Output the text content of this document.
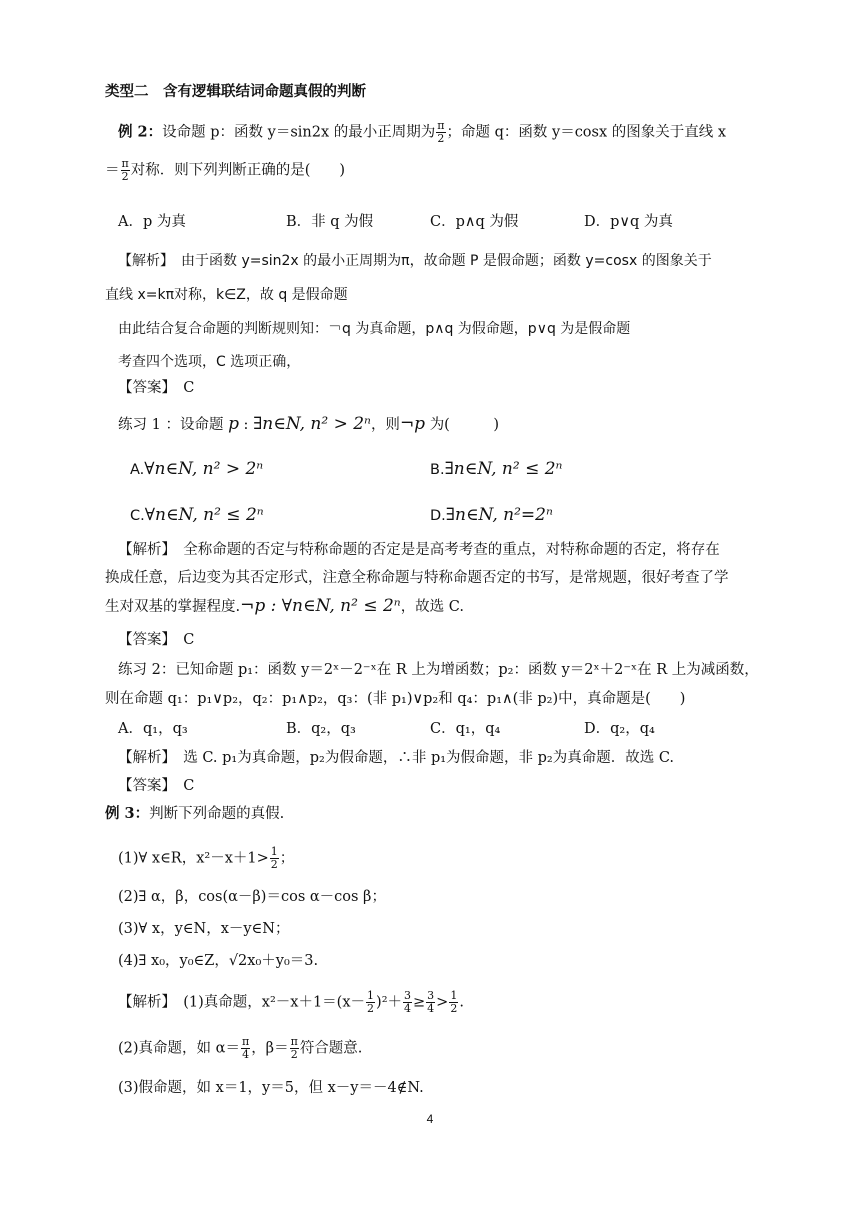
类型二　含有逻辑联结词命题真假的判断
例 2：设命题 p：函数 y＝sin2x 的最小正周期为 $\frac{\pi}{2}$ ；命题 q：函数 y＝cosx 的图象关于直线 x
＝ $\frac{\pi}{2}$ 对称．则下列判断正确的是(　　)
A．p 为真	B．非 q 为假	C．p∧q 为假	D．p∨q 为真
【解析】　由于函数 y=sin2x 的最小正周期为π，故命题 P 是假命题；函数 y=cosx 的图象关于
直线 x=kπ对称，k∈Z，故 q 是假命题
由此结合复合命题的判断规则知：￢q 为真命题，p∧q 为假命题，p∨q 为是假命题
考查四个选项，C 选项正确，
【答案】　C
练习 1 ：设命题 p : ∃n∈N, n² > 2ⁿ，则¬p 为(　　　)
A.∀n∈N, n² > 2ⁿ	B.∃n∈N, n² ≤ 2ⁿ
C.∀n∈N, n² ≤ 2ⁿ	D.∃n∈N, n²=2ⁿ
【解析】　全称命题的否定与特称命题的否定是是高考考查的重点，对特称命题的否定，将存在
换成任意，后边变为其否定形式，注意全称命题与特称命题否定的书写，是常规题，很好考查了学
生对双基的掌握程度.¬p : ∀n∈N, n² ≤ 2ⁿ，故选 C.
【答案】　C
练习 2：已知命题 p₁：函数 y＝2ˣ－2⁻ˣ在 R 上为增函数；p₂：函数 y＝2ˣ＋2⁻ˣ在 R 上为减函数，
则在命题 q₁：p₁∨p₂，q₂：p₁∧p₂，q₃：(非 p₁)∨p₂和 q₄：p₁∧(非 p₂)中，真命题是(　　)
A．q₁，q₃	B．q₂，q₃	C．q₁，q₄	D．q₂，q₄
【解析】　选 C. p₁为真命题，p₂为假命题，∴非 p₁为假命题，非 p₂为真命题．故选 C.
【答案】　C
例 3：判断下列命题的真假.
(1)∀ x∈R，$x^2-x+1> \frac{1}{2}$ ；
(2)∃ α，β，cos(α－β)＝cos α－cos β；
(3)∀ x，y∈N，x－y∈N；
(4)∃ x₀，y₀∈Z，√2x₀＋y₀＝3.
【解析】　(1)真命题，$x^2-x+1=(x- \frac{1}{2} )^2+ \frac{3}{4} \ge \frac{3}{4} > \frac{1}{2}$ .
(2)真命题，如 $\alpha= \frac{\pi}{4}$ ，$\beta= \frac{\pi}{2}$ 符合题意.
(3)假命题，如 x＝1，y＝5，但 x－y＝－4∉N.
4
